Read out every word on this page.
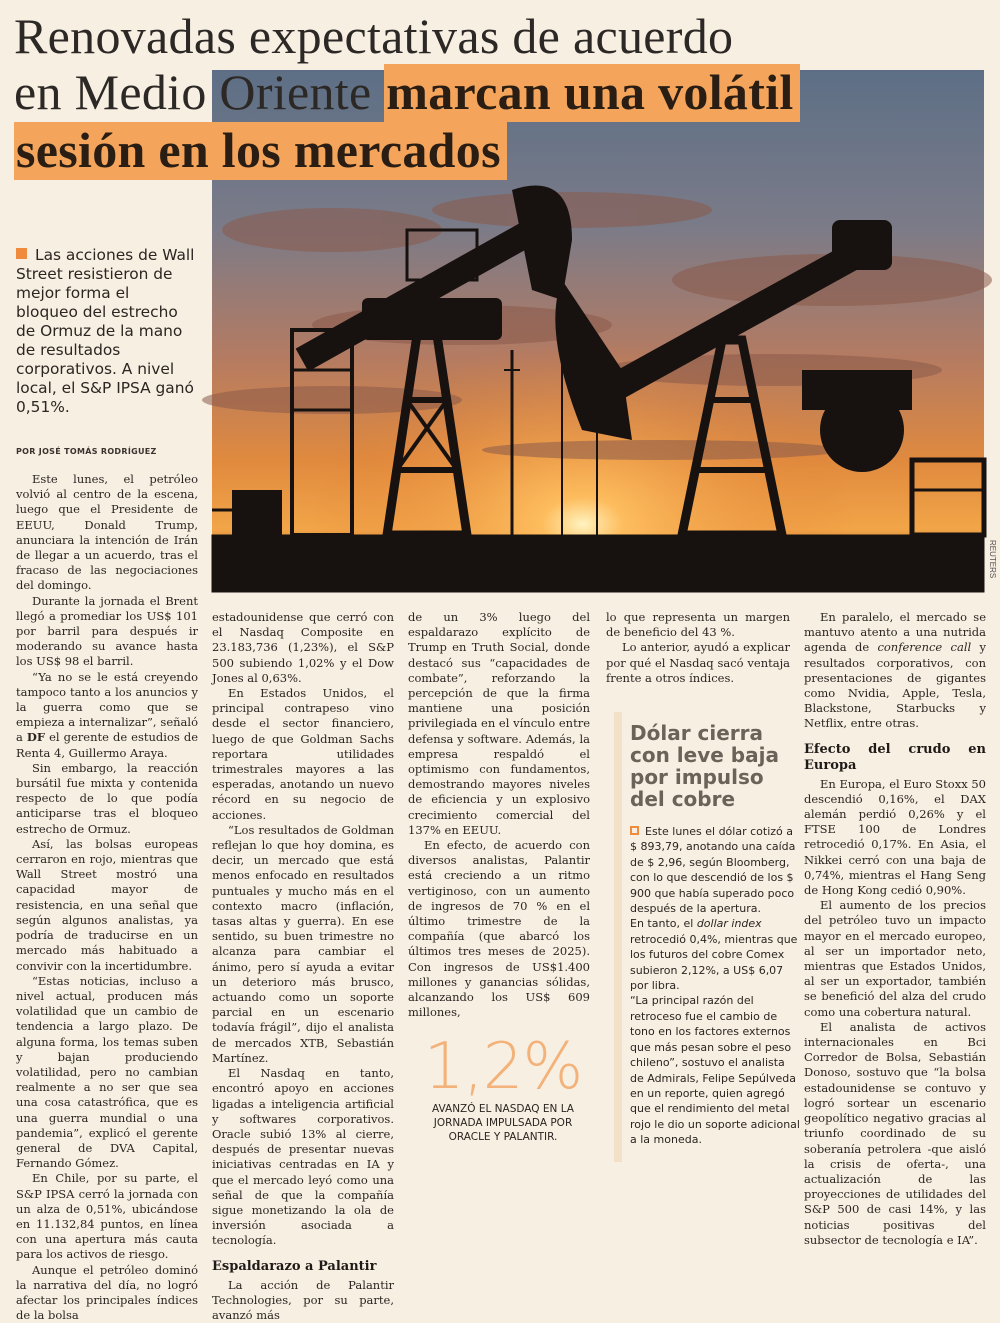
Renovadas expectativas de acuerdo
en Medio Oriente marcan una volátil
sesión en los mercados
REUTERS
Las acciones de Wall Street resistieron de mejor forma el bloqueo del estrecho de Ormuz de la mano de resultados corporativos. A nivel local, el S&P IPSA ganó 0,51%.
POR JOSÉ TOMÁS RODRÍGUEZ

Este lunes, el petróleo volvió al centro de la escena, luego que el Presidente de EEUU, Donald Trump, anunciara la intención de Irán de llegar a un acuerdo, tras el fracaso de las negociaciones del domingo.

Durante la jornada el Brent llegó a promediar los US$ 101 por barril para después ir moderando su avance hasta los US$ 98 el barril.

“Ya no se le está creyendo tampoco tanto a los anuncios y la guerra como que se empieza a internalizar”, señaló a DF el gerente de estudios de Renta 4, Guillermo Araya.

Sin embargo, la reacción bursátil fue mixta y contenida respecto de lo que podía anticiparse tras el bloqueo estrecho de Ormuz.

Así, las bolsas europeas cerraron en rojo, mientras que Wall Street mostró una capacidad mayor de resistencia, en una señal que según algunos analistas, ya podría de traducirse en un mercado más habituado a convivir con la incertidumbre.

“Estas noticias, incluso a nivel actual, producen más volatilidad que un cambio de tendencia a largo plazo. De alguna forma, los temas suben y bajan produciendo volatilidad, pero no cambian realmente a no ser que sea una cosa catastrófica, que es una guerra mundial o una pandemia”, explicó el gerente general de DVA Capital, Fernando Gómez.

En Chile, por su parte, el S&P IPSA cerró la jornada con un alza de 0,51%, ubicándose en 11.132,84 puntos, en línea con una apertura más cauta para los activos de riesgo.

Aunque el petróleo dominó la narrativa del día, no logró afectar los principales índices de la bolsa

estadounidense que cerró con el Nasdaq Composite en 23.183,736 (1,23%), el S&P 500 subiendo 1,02% y el Dow Jones al 0,63%.

En Estados Unidos, el principal contrapeso vino desde el sector financiero, luego de que Goldman Sachs reportara utilidades trimestrales mayores a las esperadas, anotando un nuevo récord en su negocio de acciones.

“Los resultados de Goldman reflejan lo que hoy domina, es decir, un mercado que está menos enfocado en resultados puntuales y mucho más en el contexto macro (inflación, tasas altas y guerra). En ese sentido, su buen trimestre no alcanza para cambiar el ánimo, pero sí ayuda a evitar un deterioro más brusco, actuando como un soporte parcial en un escenario todavía frágil”, dijo el analista de mercados XTB, Sebastián Martínez.

El Nasdaq en tanto, encontró apoyo en acciones ligadas a inteligencia artificial y softwares corporativos. Oracle subió 13% al cierre, después de presentar nuevas iniciativas centradas en IA y que el mercado leyó como una señal de que la compañía sigue monetizando la ola de inversión asociada a tecnología.

Espaldarazo a Palantir

La acción de Palantir Technologies, por su parte, avanzó más

de un 3% luego del espaldarazo explícito de Trump en Truth Social, donde destacó sus “capacidades de combate”, reforzando la percepción de que la firma mantiene una posición privilegiada en el vínculo entre defensa y software. Además, la empresa respaldó el optimismo con fundamentos, demostrando mayores niveles de eficiencia y un explosivo crecimiento comercial del 137% en EEUU.

En efecto, de acuerdo con diversos analistas, Palantir está creciendo a un ritmo vertiginoso, con un aumento de ingresos de 70 % en el último trimestre de la compañía (que abarcó los últimos tres meses de 2025). Con ingresos de US$1.400 millones y ganancias sólidas, alcanzando los US$ 609 millones,

lo que representa un margen de beneficio del 43 %.

Lo anterior, ayudó a explicar por qué el Nasdaq sacó ventaja frente a otros índices.

Dólar cierra con leve baja por impulso del cobre

Este lunes el dólar cotizó a $ 893,79, anotando una caída de $ 2,96, según Bloomberg, con lo que descendió de los $ 900 que había superado poco después de la apertura.

En tanto, el dollar index retrocedió 0,4%, mientras que los futuros del cobre Comex subieron 2,12%, a US$ 6,07 por libra.

“La principal razón del retroceso fue el cambio de tono en los factores externos que más pesan sobre el peso chileno”, sostuvo el analista de Admirals, Felipe Sepúlveda en un reporte, quien agregó que el rendimiento del metal rojo le dio un soporte adicional a la moneda.

1,2%
AVANZÓ EL NASDAQ EN LA JORNADA IMPULSADA POR ORACLE Y PALANTIR.

En paralelo, el mercado se mantuvo atento a una nutrida agenda de conference call y resultados corporativos, con presentaciones de gigantes como Nvidia, Apple, Tesla, Blackstone, Starbucks y Netflix, entre otras.

Efecto del crudo en Europa

En Europa, el Euro Stoxx 50 descendió 0,16%, el DAX alemán perdió 0,26% y el FTSE 100 de Londres retrocedió 0,17%. En Asia, el Nikkei cerró con una baja de 0,74%, mientras el Hang Seng de Hong Kong cedió 0,90%.

El aumento de los precios del petróleo tuvo un impacto mayor en el mercado europeo, al ser un importador neto, mientras que Estados Unidos, al ser un exportador, también se benefició del alza del crudo como una cobertura natural.

El analista de activos internacionales en Bci Corredor de Bolsa, Sebastián Donoso, sostuvo que “la bolsa estadounidense se contuvo y logró sortear un escenario geopolítico negativo gracias al triunfo coordinado de su soberanía petrolera -que aisló la crisis de oferta-, una actualización de las proyecciones de utilidades del S&P 500 de casi 14%, y las noticias positivas del subsector de tecnología e IA”.
